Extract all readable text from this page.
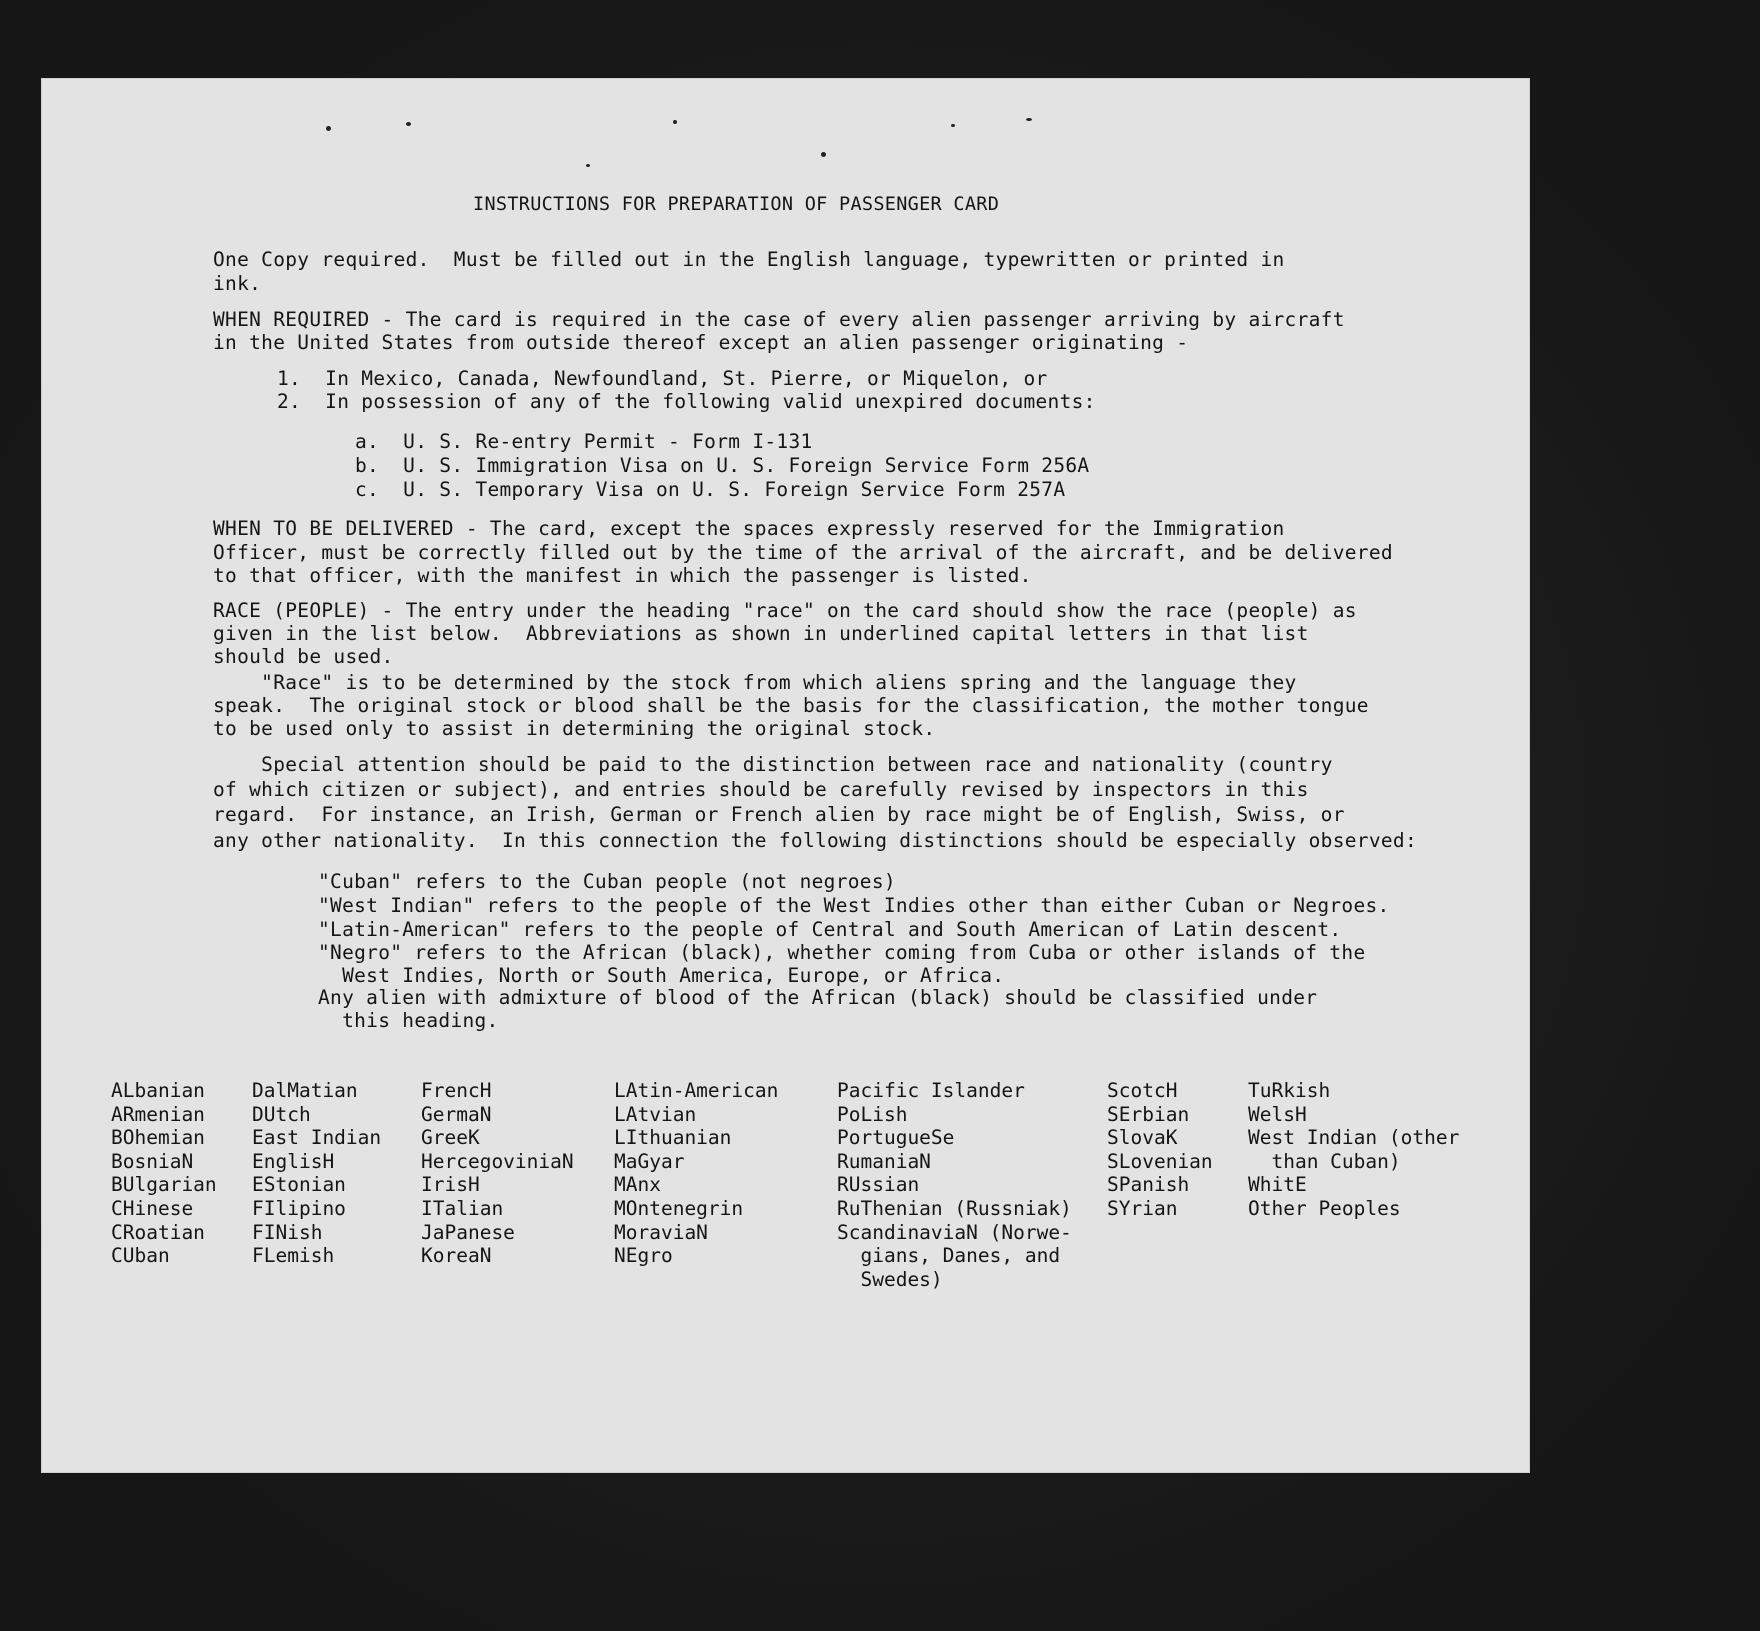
INSTRUCTIONS FOR PREPARATION OF PASSENGER CARD
One Copy required.  Must be filled out in the English language, typewritten or printed in
ink.
WHEN REQUIRED - The card is required in the case of every alien passenger arriving by aircraft
in the United States from outside thereof except an alien passenger originating -
1.  In Mexico, Canada, Newfoundland, St. Pierre, or Miquelon, or
2.  In possession of any of the following valid unexpired documents:
a.  U. S. Re-entry Permit - Form I-131
b.  U. S. Immigration Visa on U. S. Foreign Service Form 256A
c.  U. S. Temporary Visa on U. S. Foreign Service Form 257A
WHEN TO BE DELIVERED - The card, except the spaces expressly reserved for the Immigration
Officer, must be correctly filled out by the time of the arrival of the aircraft, and be delivered
to that officer, with the manifest in which the passenger is listed.
RACE (PEOPLE) - The entry under the heading "race" on the card should show the race (people) as
given in the list below.  Abbreviations as shown in underlined capital letters in that list
should be used.
"Race" is to be determined by the stock from which aliens spring and the language they
speak.  The original stock or blood shall be the basis for the classification, the mother tongue
to be used only to assist in determining the original stock.
Special attention should be paid to the distinction between race and nationality (country
of which citizen or subject), and entries should be carefully revised by inspectors in this
regard.  For instance, an Irish, German or French alien by race might be of English, Swiss, or
any other nationality.  In this connection the following distinctions should be especially observed:
"Cuban" refers to the Cuban people (not negroes)
"West Indian" refers to the people of the West Indies other than either Cuban or Negroes.
"Latin-American" refers to the people of Central and South American of Latin descent.
"Negro" refers to the African (black), whether coming from Cuba or other islands of the
West Indies, North or South America, Europe, or Africa.
Any alien with admixture of blood of the African (black) should be classified under
this heading.
ALbanian
ARmenian
BOhemian
BosniaN
BUlgarian
CHinese
CRoatian
CUban
DalMatian
DUtch
East Indian
EnglisH
EStonian
FIlipino
FINish
FLemish
FrencH
GermaN
GreeK
HercegoviniaN
IrisH
ITalian
JaPanese
KoreaN
LAtin-American
LAtvian
LIthuanian
MaGyar
MAnx
MOntenegrin
MoraviaN
NEgro
Pacific Islander
PoLish
PortugueSe
RumaniaN
RUssian
RuThenian (Russniak)
ScandinaviaN (Norwe-
gians, Danes, and
Swedes)
ScotcH
SErbian
SlovaK
SLovenian
SPanish
SYrian
TuRkish
WelsH
West Indian (other
than Cuban)
WhitE
Other Peoples
